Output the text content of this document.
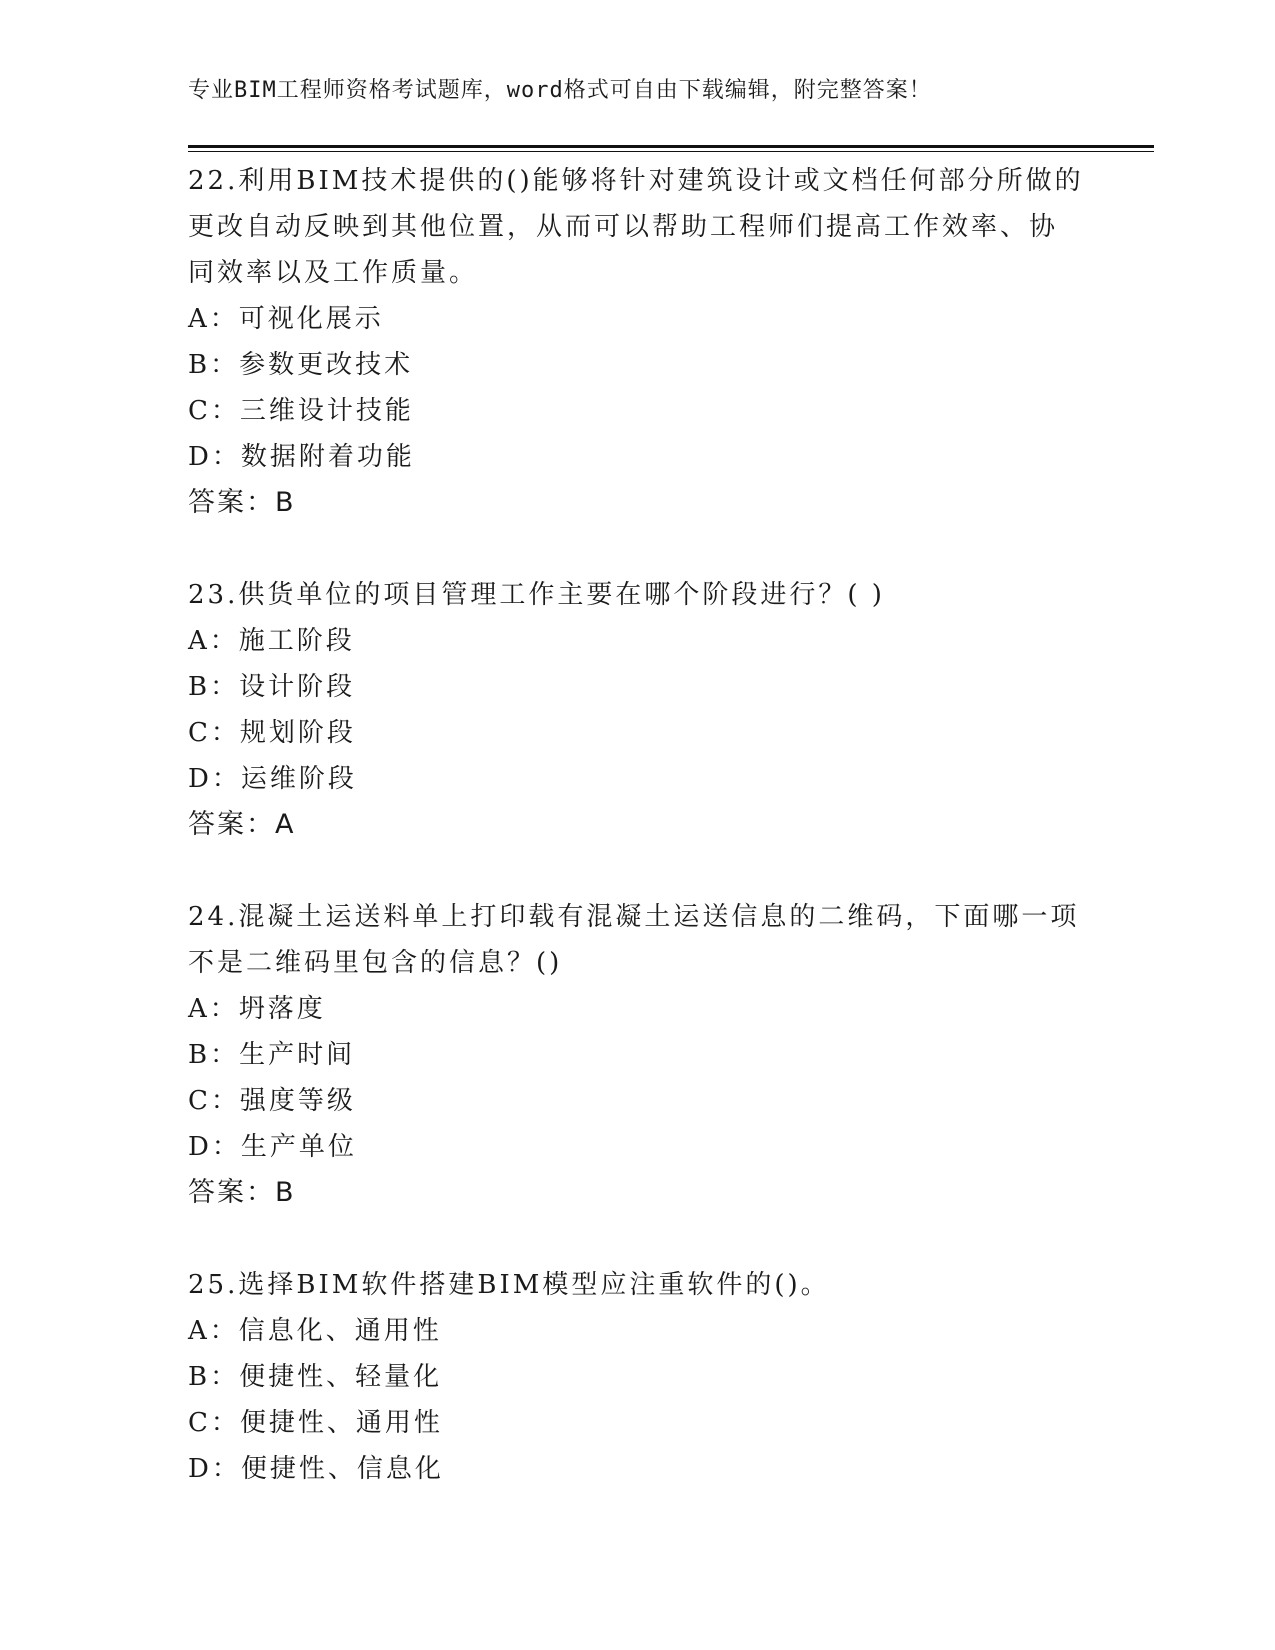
专业BIM工程师资格考试题库，word格式可自由下载编辑，附完整答案！
22.利用BIM技术提供的()能够将针对建筑设计或文档任何部分所做的
更改自动反映到其他位置，从而可以帮助工程师们提高工作效率、协
同效率以及工作质量。
A：可视化展示
B：参数更改技术
C：三维设计技能
D：数据附着功能
答案：B
23.供货单位的项目管理工作主要在哪个阶段进行？( )
A：施工阶段
B：设计阶段
C：规划阶段
D：运维阶段
答案：A
24.混凝土运送料单上打印载有混凝土运送信息的二维码，下面哪一项
不是二维码里包含的信息？()
A：坍落度
B：生产时间
C：强度等级
D：生产单位
答案：B
25.选择BIM软件搭建BIM模型应注重软件的()。
A：信息化、通用性
B：便捷性、轻量化
C：便捷性、通用性
D：便捷性、信息化
